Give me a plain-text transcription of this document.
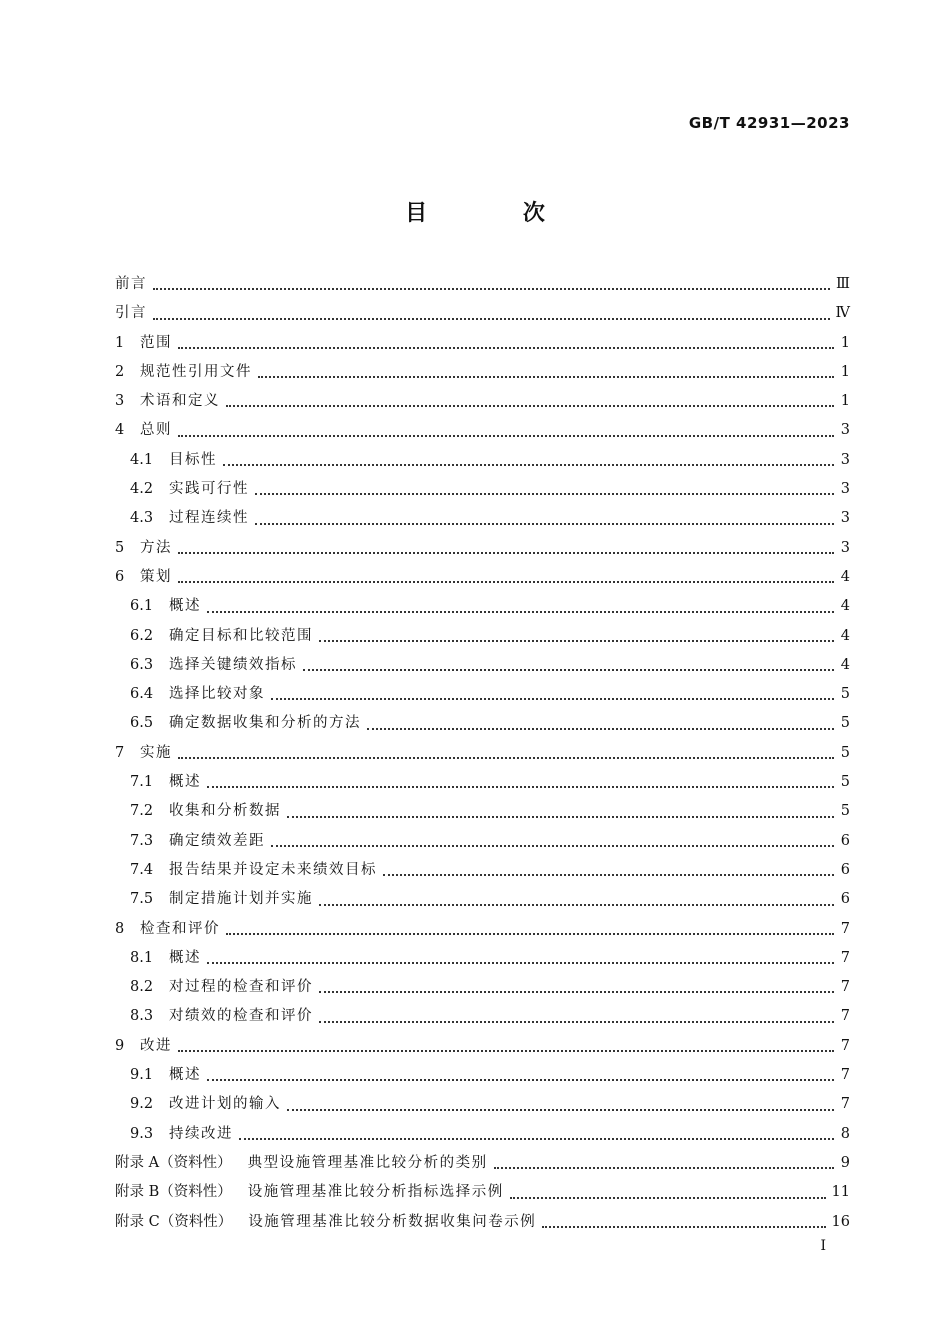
GB/T 42931—2023
目 次
前言	Ⅲ
引言	Ⅳ
1	范围	1
2	规范性引用文件	1
3	术语和定义	1
4	总则	3
4.1	目标性	3
4.2	实践可行性	3
4.3	过程连续性	3
5	方法	3
6	策划	4
6.1	概述	4
6.2	确定目标和比较范围	4
6.3	选择关键绩效指标	4
6.4	选择比较对象	5
6.5	确定数据收集和分析的方法	5
7	实施	5
7.1	概述	5
7.2	收集和分析数据	5
7.3	确定绩效差距	6
7.4	报告结果并设定未来绩效目标	6
7.5	制定措施计划并实施	6
8	检查和评价	7
8.1	概述	7
8.2	对过程的检查和评价	7
8.3	对绩效的检查和评价	7
9	改进	7
9.1	概述	7
9.2	改进计划的输入	7
9.3	持续改进	8
附录 A（资料性） 典型设施管理基准比较分析的类别	9
附录 B（资料性） 设施管理基准比较分析指标选择示例	11
附录 C（资料性） 设施管理基准比较分析数据收集问卷示例	16
Ⅰ
